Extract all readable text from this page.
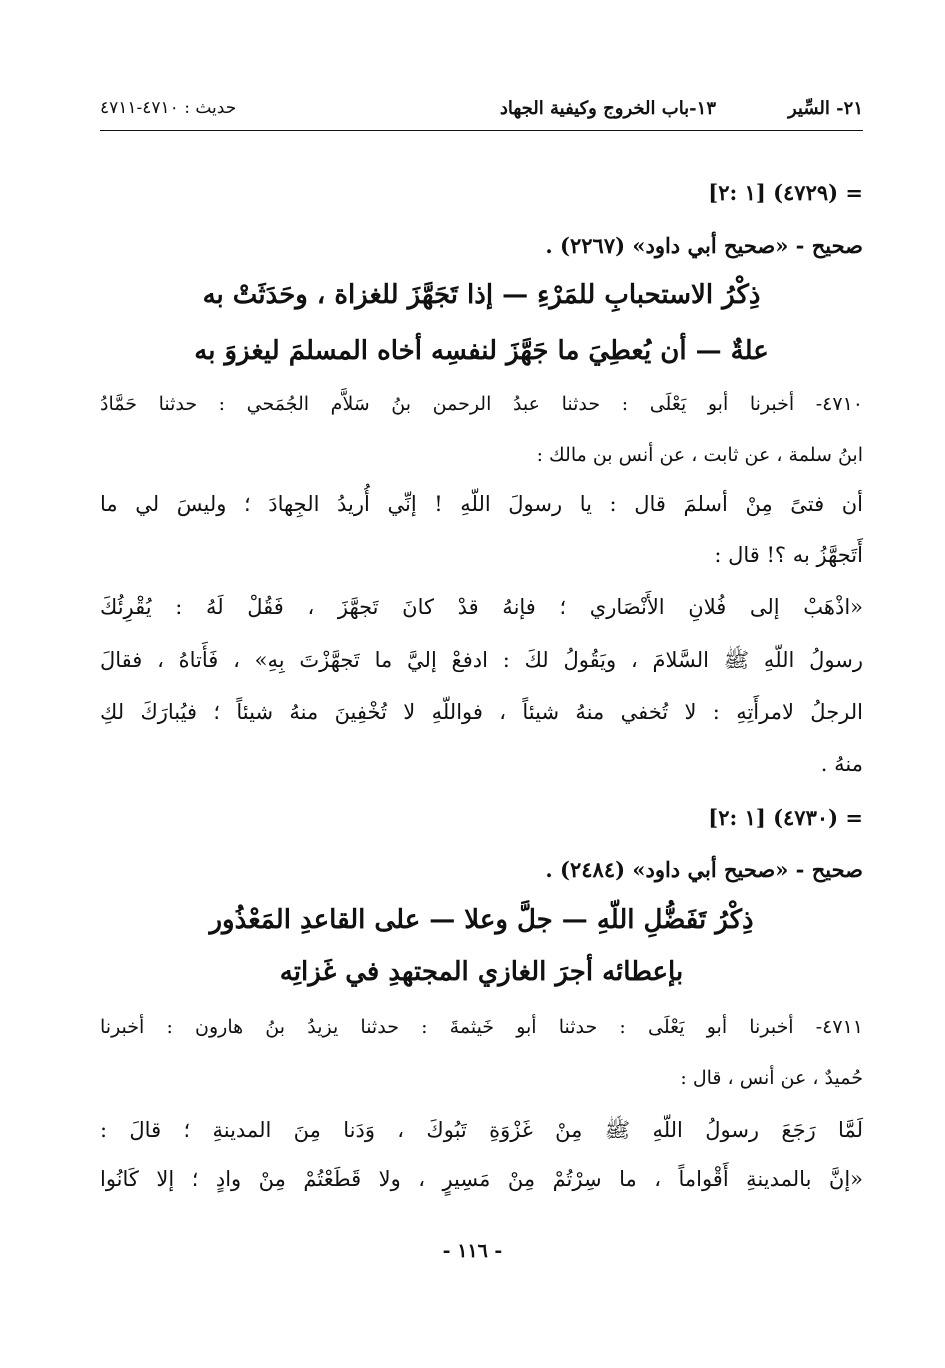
٢١- السِّير
١٣-باب الخروج وكيفية الجهاد
حديث : ٤٧١٠-٤٧١١
= (٤٧٢٩) [١ :٢]
صحيح - «صحيح أبي داود» (٢٢٦٧) .
ذِكْرُ الاستحبابِ للمَرْءِ — إذا تَجَهَّزَ للغزاة ، وحَدَثَتْ به
علةٌ — أن يُعطِيَ ما جَهَّزَ لنفسِه أخاه المسلمَ ليغزوَ به
٤٧١٠- أخبرنا أبو يَعْلَى : حدثنا عبدُ الرحمن بنُ سَلاَّم الجُمَحي : حدثنا حَمَّادُ
ابنُ سلمة ، عن ثابت ، عن أنس بن مالك :
أن فتىً مِنْ أسلمَ قال : يا رسولَ اللّهِ ! إنِّي أُريدُ الجِهادَ ؛ وليسَ لي ما
أَتَجهَّزُ به ؟! قال :
«اذْهَبْ إلى فُلانِ الأَنْصَاري ؛ فإنهُ قدْ كانَ تَجهَّزَ ، فَقُلْ لَهُ : يُقْرِئُكَ
رسولُ اللّهِ ﷺ السَّلامَ ، ويَقُولُ لكَ : ادفعْ إليَّ ما تَجهَّزْتَ بِهِ» ، فَأَتاهُ ، فقالَ
الرجلُ لامرأَتِهِ : لا تُخفي منهُ شيئاً ، فواللّهِ لا تُخْفِينَ منهُ شيئاً ؛ فيُبارَكَ لكِ
منهُ .
= (٤٧٣٠) [١ :٢]
صحيح - «صحيح أبي داود» (٢٤٨٤) .
ذِكْرُ تَفَضُّلِ اللّهِ — جلَّ وعلا — على القاعدِ المَعْذُور
بإعطائه أجرَ الغازي المجتهدِ في غَزاتِه
٤٧١١- أخبرنا أبو يَعْلَى : حدثنا أبو خَيثمةَ : حدثنا يزيدُ بنُ هارون : أخبرنا
حُميدٌ ، عن أنس ، قال :
لَمَّا رَجَعَ رسولُ اللّهِ ﷺ مِنْ غَزْوَةِ تَبُوكَ ، وَدَنا مِنَ المدينةِ ؛ قالَ :
«إنَّ بالمدينةِ أَقْواماً ، ما سِرْتُمْ مِنْ مَسِيرٍ ، ولا قَطَعْتُمْ مِنْ وادٍ ؛ إلا كَانُوا
- ١١٦ -
